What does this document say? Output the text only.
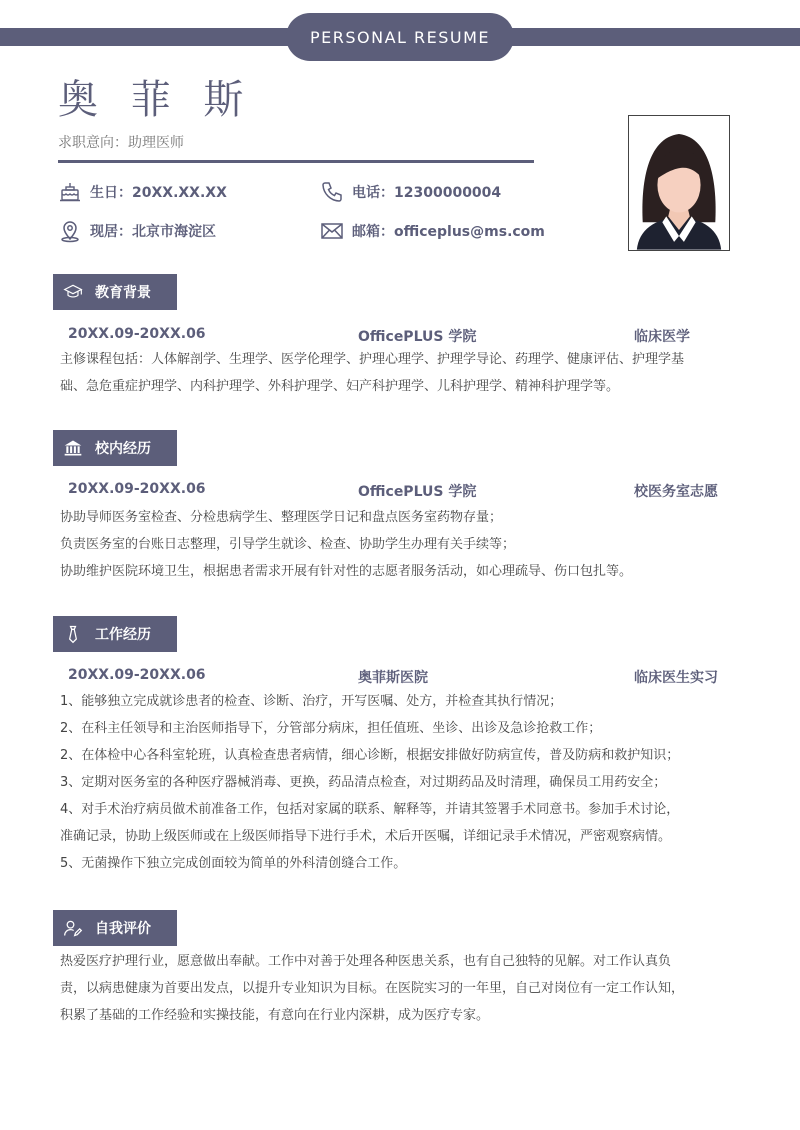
PERSONAL RESUME
奥 菲 斯
求职意向：助理医师
生日：20XX.XX.XX	电话：12300000004
现居：北京市海淀区	邮箱：officeplus@ms.com
教育背景
20XX.09-20XX.06	OfficePLUS 学院	临床医学

主修课程包括：人体解剖学、生理学、医学伦理学、护理心理学、护理学导论、药理学、健康评估、护理学基

础、急危重症护理学、内科护理学、外科护理学、妇产科护理学、儿科护理学、精神科护理学等。

校内经历
20XX.09-20XX.06	OfficePLUS 学院	校医务室志愿

协助导师医务室检查、分检患病学生、整理医学日记和盘点医务室药物存量；

负责医务室的台账日志整理，引导学生就诊、检查、协助学生办理有关手续等；

协助维护医院环境卫生，根据患者需求开展有针对性的志愿者服务活动，如心理疏导、伤口包扎等。

工作经历
20XX.09-20XX.06	奥菲斯医院	临床医生实习

1、能够独立完成就诊患者的检查、诊断、治疗，开写医嘱、处方，并检查其执行情况；

2、在科主任领导和主治医师指导下，分管部分病床，担任值班、坐诊、出诊及急诊抢救工作；

2、在体检中心各科室轮班，认真检查患者病情，细心诊断，根据安排做好防病宣传，普及防病和救护知识；

3、定期对医务室的各种医疗器械消毒、更换，药品清点检查，对过期药品及时清理，确保员工用药安全；

4、对手术治疗病员做术前准备工作，包括对家属的联系、解释等，并请其签署手术同意书。参加手术讨论，

准确记录，协助上级医师或在上级医师指导下进行手术，术后开医嘱，详细记录手术情况，严密观察病情。

5、无菌操作下独立完成创面较为简单的外科清创缝合工作。

自我评价

热爱医疗护理行业，愿意做出奉献。工作中对善于处理各种医患关系，也有自己独特的见解。对工作认真负

责，以病患健康为首要出发点，以提升专业知识为目标。在医院实习的一年里，自己对岗位有一定工作认知，

积累了基础的工作经验和实操技能，有意向在行业内深耕，成为医疗专家。
